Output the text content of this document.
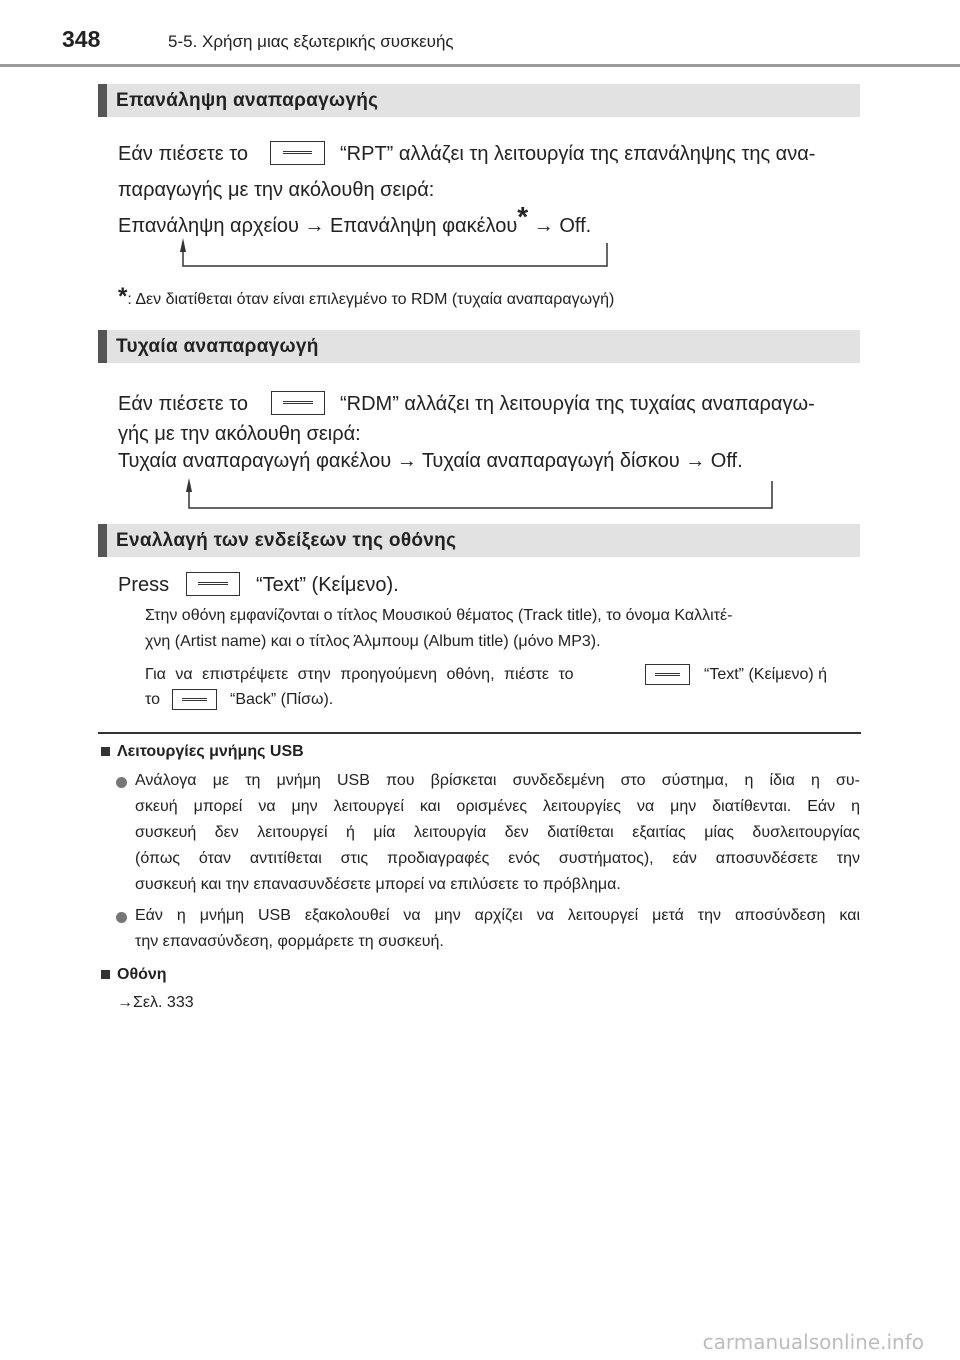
348	5-5. Χρήση μιας εξωτερικής συσκευής
Επανάληψη αναπαραγωγής
Εάν πιέσετε το	“RPT” αλλάζει τη λειτουργία της επανάληψης της ανα-
παραγωγής με την ακόλουθη σειρά:
Επανάληψη αρχείου → Επανάληψη φακέλου* → Off.
*: Δεν διατίθεται όταν είναι επιλεγμένο το RDM (τυχαία αναπαραγωγή)
Τυχαία αναπαραγωγή
Εάν πιέσετε το	“RDM” αλλάζει τη λειτουργία της τυχαίας αναπαραγω-
γής με την ακόλουθη σειρά:
Τυχαία αναπαραγωγή φακέλου → Τυχαία αναπαραγωγή δίσκου → Off.
Εναλλαγή των ενδείξεων της οθόνης
Press	“Text” (Κείμενο).
Στην οθόνη εμφανίζονται ο τίτλος Μουσικού θέματος (Track title), το όνομα Καλλιτέ-
χνη (Artist name) και ο τίτλος Άλμπουμ (Album title) (μόνο MP3).
Για να επιστρέψετε στην προηγούμενη οθόνη, πιέστε το	“Text” (Κείμενο) ή
το	“Back” (Πίσω).
Λειτουργίες μνήμης USB
Ανάλογα με τη μνήμη USB που βρίσκεται συνδεδεμένη στο σύστημα, η ίδια η συ-
σκευή μπορεί να μην λειτουργεί και ορισμένες λειτουργίες να μην διατίθενται. Εάν η
συσκευή δεν λειτουργεί ή μία λειτουργία δεν διατίθεται εξαιτίας μίας δυσλειτουργίας
(όπως όταν αντιτίθεται στις προδιαγραφές ενός συστήματος), εάν αποσυνδέσετε την
συσκευή και την επανασυνδέσετε μπορεί να επιλύσετε το πρόβλημα.
Εάν η μνήμη USB εξακολουθεί να μην αρχίζει να λειτουργεί μετά την αποσύνδεση και
την επανασύνδεση, φορμάρετε τη συσκευή.
Οθόνη
→Σελ. 333
carmanualsonline.info
